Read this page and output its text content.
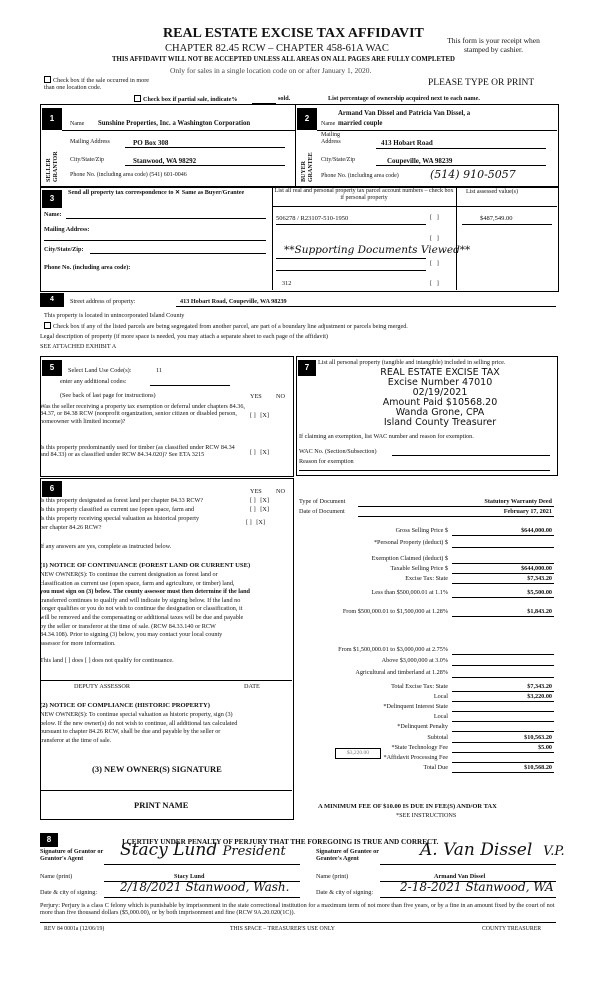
REAL ESTATE EXCISE TAX AFFIDAVIT
CHAPTER 82.45 RCW – CHAPTER 458-61A WAC
This form is your receipt when stamped by cashier.
THIS AFFIDAVIT WILL NOT BE ACCEPTED UNLESS ALL AREAS ON ALL PAGES ARE FULLY COMPLETED
Only for sales in a single location code on or after January 1, 2020.
Check box if the sale occurred in more than one location code.	PLEASE TYPE OR PRINT
Check box if partial sale, indicate%	sold.	List percentage of ownership acquired next to each name.
1
SELLER GRANTOR
Name Sunshine Properties, Inc. a Washington Corporation
Mailing Address	PO Box 308
City/State/Zip	Stanwood, WA 98292
Phone No. (including area code) (541) 601-0046
2
BUYER GRANTEE
Armand Van Dissel and Patricia Van Dissel, a
Name married couple
Mailing Address	413 Hobart Road
City/State/Zip	Coupeville, WA 98239
Phone No. (including area code)	(514) 910-5057
3
Send all property tax correspondence to ✕ Same as Buyer/Grantee
Name:
Mailing Address:
City/State/Zip:
Phone No. (including area code):
List all real and personal property tax parcel account numbers – check box if personal property
List assessed value(s)
506278 / R23107-510-1950	[   ]	$487,549.00
[   ]
**Supporting Documents Viewed**
[   ]
312	[   ]
4	Street address of property:	413 Hobart Road, Coupeville, WA 98239
This property is located in unincorporated Island County
Check box if any of the listed parcels are being segregated from another parcel, are part of a boundary line adjustment or parcels being merged.
Legal description of property (if more space is needed, you may attach a separate sheet to each page of the affidavit)
SEE ATTACHED EXHIBIT A
5	Select Land Use Code(s):	11
enter any additional codes:
(See back of last page for instructions)	YES NO
Was the seller receiving a property tax exemption or deferral under chapters 84.36, 84.37, or 84.38 RCW (nonprofit organization, senior citizen or disabled person, homeowner with limited income)?
[ ]   [X]
Is this property predominantly used for timber (as classified under RCW 84.34 and 84.33) or as classified under RCW 84.34.020)? See ETA 3215	[ ]   [X]
7
List all personal property (tangible and intangible) included in selling price.
REAL ESTATE EXCISE TAX
Excise Number 47010
02/19/2021
Amount Paid $10568.20
Wanda Grone, CPA
Island County Treasurer
If claiming an exemption, list WAC number and reason for exemption.
WAC No. (Section/Subsection)
Reason for exemption
6	YES NO
Is this property designated as forest land per chapter 84.33 RCW?	[ ]   [X]
Is this property classified as current use (open space, farm and	[ ]   [X]
Is this property receiving special valuation as historical property
per chapter 84.26 RCW?
[ ]   [X]
If any answers are yes, complete as instructed below.
(1) NOTICE OF CONTINUANCE (FOREST LAND OR CURRENT USE)
NEW OWNER(S): To continue the current designation as forest land or
classification as current use (open space, farm and agriculture, or timber) land,
you must sign on (3) below. The county assessor must then determine if the land
transferred continues to qualify and will indicate by signing below. If the land no
longer qualifies or you do not wish to continue the designation or classification, it
will be removed and the compensating or additional taxes will be due and payable
by the seller or transferor at the time of sale. (RCW 84.33.140 or RCW
84.34.108). Prior to signing (3) below, you may contact your local county
assessor for more information.
This land [ ] does [ ] does not qualify for continuance.
DEPUTY ASSESSOR	DATE
(2) NOTICE OF COMPLIANCE (HISTORIC PROPERTY)
NEW OWNER(S): To continue special valuation as historic property, sign (3)
below. If the new owner(s) do not wish to continue, all additional tax calculated
pursuant to chapter 84.26 RCW, shall be due and payable by the seller or
transferor at the time of sale.
(3) NEW OWNER(S) SIGNATURE
PRINT NAME
Type of Document	Statutory Warranty Deed
Date of Document	February 17, 2021
Gross Selling Price $	$644,000.00
*Personal Property (deduct) $
Exemption Claimed (deduct) $
Taxable Selling Price $	$644,000.00
Excise Tax: State	$7,343.20
Less than $500,000.01 at 1.1%	$5,500.00
From $500,000.01 to $1,500,000 at 1.28%	$1,843.20
From $1,500,000.01 to $3,000,000 at 2.75%
Above $3,000,000 at 3.0%
Agricultural and timberland at 1.28%
Total Excise Tax: State	$7,343.20
Local	$3,220.00
*Delinquent Interest State
Local
*Delinquent Penalty
Subtotal	$10,563.20
*State Technology Fee	$5.00
*Affidavit Processing Fee
Total Due	$10,568.20
$3,220.00
A MINIMUM FEE OF $10.00 IS DUE IN FEE(S) AND/OR TAX
*SEE INSTRUCTIONS
8	I CERTIFY UNDER PENALTY OF PERJURY THAT THE FOREGOING IS TRUE AND CORRECT.
Signature of Grantor or Grantor's Agent	Stacy Lund President	Signature of Grantee or Grantee's Agent	A. Van Dissel  V.P.
Name (print)	Stacy Lund	Name (print)	Armand Van Dissel
Date & city of signing: 2/18/2021 Stanwood, Wash.	Date & city of signing: 2-18-2021 Stanwood, WA
Perjury: Perjury is a class C felony which is punishable by imprisonment in the state correctional institution for a maximum term of not more than five years, or by a fine in an amount fixed by the court of not more than five thousand dollars ($5,000.00), or by both imprisonment and fine (RCW 9A.20.020(1C)).
REV 84 0001a (12/06/19)	THIS SPACE – TREASURER'S USE ONLY	COUNTY TREASURER
